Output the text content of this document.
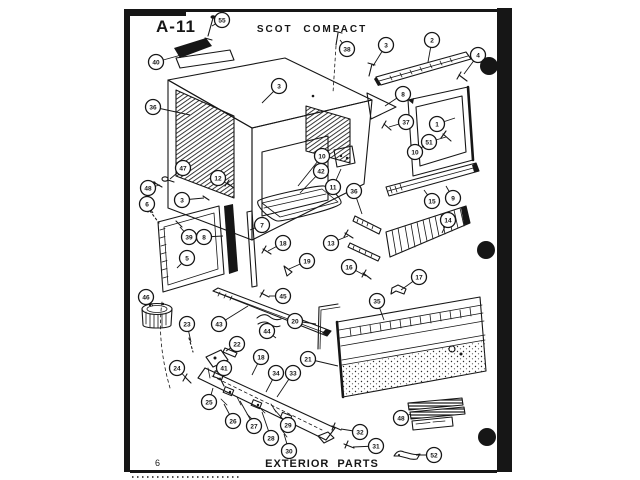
A-11	SCOT COMPACT
EXTERIOR PARTS
6
40
55
38
3
2
4
3
36
8
37	1
51
10
47
48
12
6
3
7
39 8
5
46
10
42
11
36
18
19
13
16
15 9
14
17
23	43
22
24	41
18
34 33
21
20
35
45
44
25
26
27
28
29
30
32
31
48
52
